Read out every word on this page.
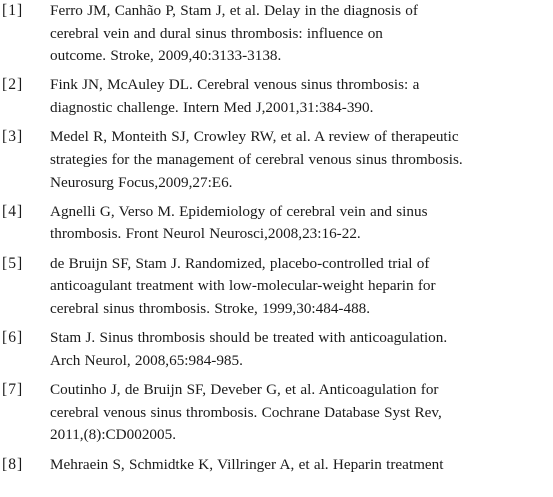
[1]	Ferro JM, Canhão P, Stam J, et al. Delay in the diagnosis of
cerebral vein and dural sinus thrombosis: influence on
outcome. Stroke, 2009,40:3133-3138.
[2]	Fink JN, McAuley DL. Cerebral venous sinus thrombosis: a
diagnostic challenge. Intern Med J,2001,31:384-390.
[3]	Medel R, Monteith SJ, Crowley RW, et al. A review of therapeutic
strategies for the management of cerebral venous sinus thrombosis.
Neurosurg Focus,2009,27:E6.
[4]	Agnelli G, Verso M. Epidemiology of cerebral vein and sinus
thrombosis. Front Neurol Neurosci,2008,23:16-22.
[5]	de Bruijn SF, Stam J. Randomized, placebo-controlled trial of
anticoagulant treatment with low-molecular-weight heparin for
cerebral sinus thrombosis. Stroke, 1999,30:484-488.
[6]	Stam J. Sinus thrombosis should be treated with anticoagulation.
Arch Neurol, 2008,65:984-985.
[7]	Coutinho J, de Bruijn SF, Deveber G, et al. Anticoagulation for
cerebral venous sinus thrombosis. Cochrane Database Syst Rev,
2011,(8):CD002005.
[8]	Mehraein S, Schmidtke K, Villringer A, et al. Heparin treatment
